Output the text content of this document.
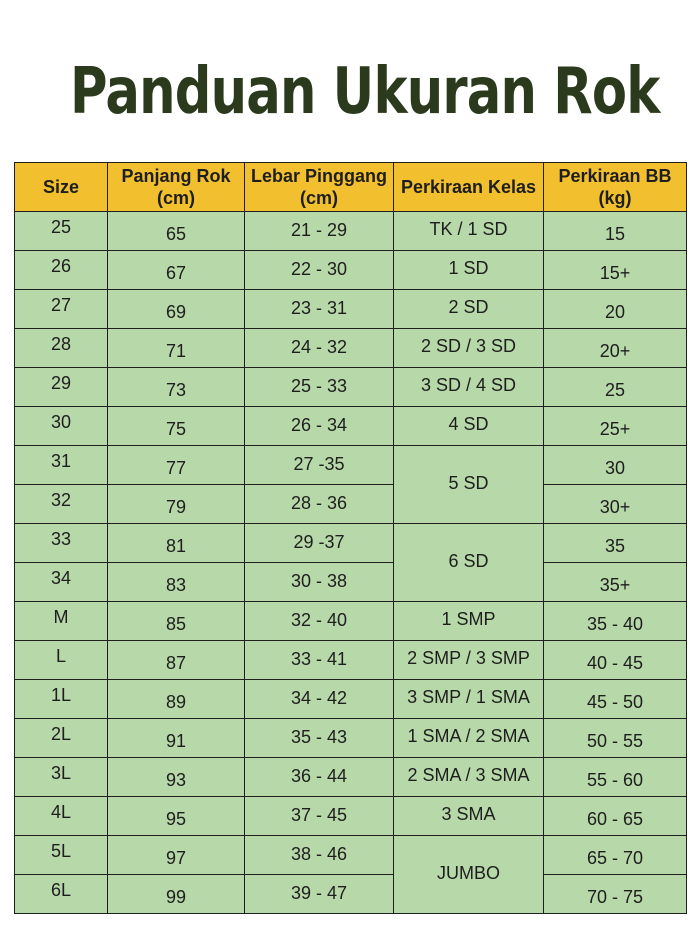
Panduan Ukuran Rok
Size	Panjang Rok (cm)	Lebar Pinggang (cm)	Perkiraan Kelas	Perkiraan BB (kg)
25	65	21 - 29	TK / 1 SD	15
26	67	22 - 30	1 SD	15+
27	69	23 - 31	2 SD	20
28	71	24 - 32	2 SD / 3 SD	20+
29	73	25 - 33	3 SD / 4 SD	25
30	75	26 - 34	4 SD	25+
31	77	27 -35	5 SD	30
32	79	28 - 36		30+
33	81	29 -37	6 SD	35
34	83	30 - 38		35+
M	85	32 - 40	1 SMP	35 - 40
L	87	33 - 41	2 SMP / 3 SMP	40 - 45
1L	89	34 - 42	3 SMP / 1 SMA	45 - 50
2L	91	35 - 43	1 SMA / 2 SMA	50 - 55
3L	93	36 - 44	2 SMA / 3 SMA	55 - 60
4L	95	37 - 45	3 SMA	60 - 65
5L	97	38 - 46	JUMBO	65 - 70
6L	99	39 - 47		70 - 75
